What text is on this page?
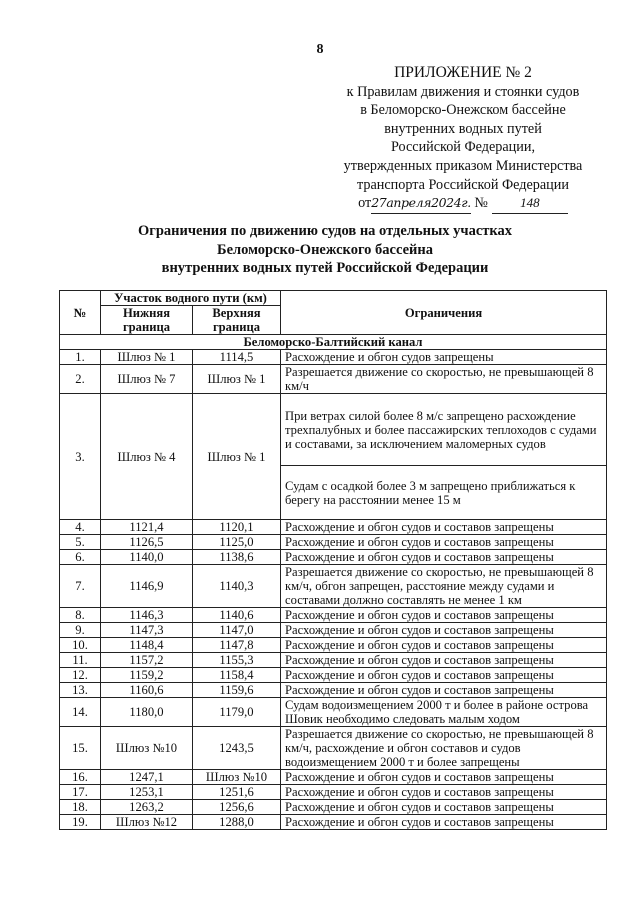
8
ПРИЛОЖЕНИЕ № 2
к Правилам движения и стоянки судов
в Беломорско-Онежском бассейне
внутренних водных путей
Российской Федерации,
утвержденных приказом Министерства
транспорта Российской Федерации
от27апреля2024г. № 148
Ограничения по движению судов на отдельных участках
Беломорско-Онежского бассейна
внутренних водных путей Российской Федерации
№	Участок водного пути (км)		Ограничения
	Нижняя граница	Верхняя граница	
Беломорско-Балтийский канал			
1.	Шлюз № 1	1114,5	Расхождение и обгон судов запрещены
2.	Шлюз № 7	Шлюз № 1	Разрешается движение со скоростью, не превышающей 8 км/ч
3.	Шлюз № 4	Шлюз № 1	При ветрах силой более 8 м/с запрещено расхождение трехпалубных и более пассажирских теплоходов с судами и составами, за исключением маломерных судов
			Судам с осадкой более 3 м запрещено приближаться к берегу на расстоянии менее 15 м
4.	1121,4	1120,1	Расхождение и обгон судов и составов запрещены
5.	1126,5	1125,0	Расхождение и обгон судов и составов запрещены
6.	1140,0	1138,6	Расхождение и обгон судов и составов запрещены
7.	1146,9	1140,3	Разрешается движение со скоростью, не превышающей 8 км/ч, обгон запрещен, расстояние между судами и составами должно составлять не менее 1 км
8.	1146,3	1140,6	Расхождение и обгон судов и составов запрещены
9.	1147,3	1147,0	Расхождение и обгон судов и составов запрещены
10.	1148,4	1147,8	Расхождение и обгон судов и составов запрещены
11.	1157,2	1155,3	Расхождение и обгон судов и составов запрещены
12.	1159,2	1158,4	Расхождение и обгон судов и составов запрещены
13.	1160,6	1159,6	Расхождение и обгон судов и составов запрещены
14.	1180,0	1179,0	Судам водоизмещением 2000 т и более в районе острова Шовик необходимо следовать малым ходом
15.	Шлюз №10	1243,5	Разрешается движение со скоростью, не превышающей 8 км/ч, расхождение и обгон составов и судов водоизмещением 2000 т и более запрещены
16.	1247,1	Шлюз №10	Расхождение и обгон судов и составов запрещены
17.	1253,1	1251,6	Расхождение и обгон судов и составов запрещены
18.	1263,2	1256,6	Расхождение и обгон судов и составов запрещены
19.	Шлюз №12	1288,0	Расхождение и обгон судов и составов запрещены
